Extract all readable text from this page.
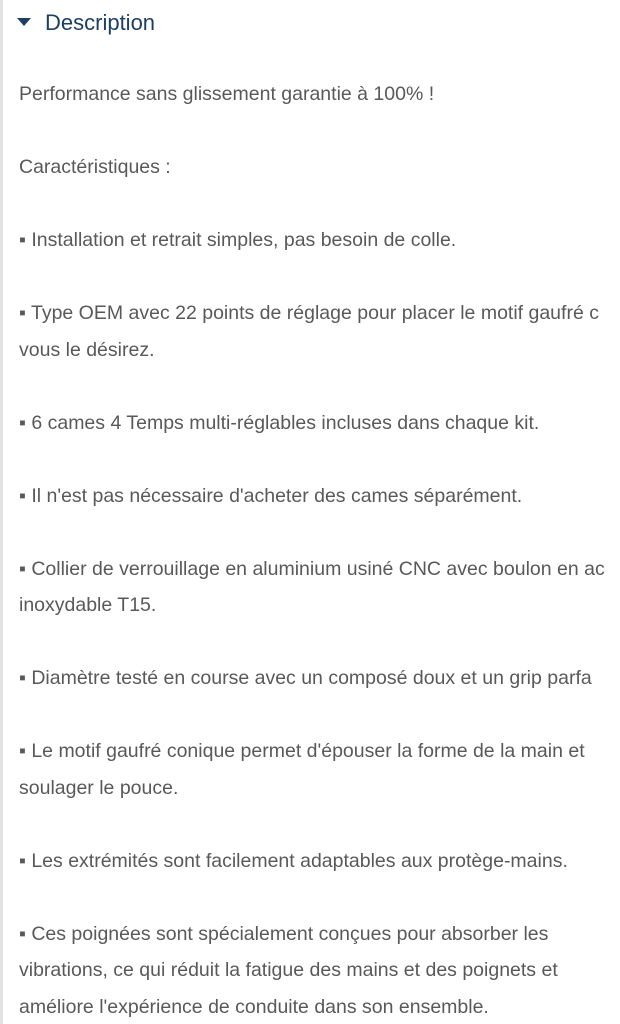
Description

Performance sans glissement garantie à 100% !

Caractéristiques :

▪ Installation et retrait simples, pas besoin de colle.

▪ Type OEM avec 22 points de réglage pour placer le motif gaufré c
vous le désirez.

▪ 6 cames 4 Temps multi-réglables incluses dans chaque kit.

▪ Il n'est pas nécessaire d'acheter des cames séparément.

▪ Collier de verrouillage en aluminium usiné CNC avec boulon en ac
inoxydable T15.

▪ Diamètre testé en course avec un composé doux et un grip parfa

▪ Le motif gaufré conique permet d'épouser la forme de la main et
soulager le pouce.

▪ Les extrémités sont facilement adaptables aux protège-mains.

▪ Ces poignées sont spécialement conçues pour absorber les
vibrations, ce qui réduit la fatigue des mains et des poignets et
améliore l'expérience de conduite dans son ensemble.
